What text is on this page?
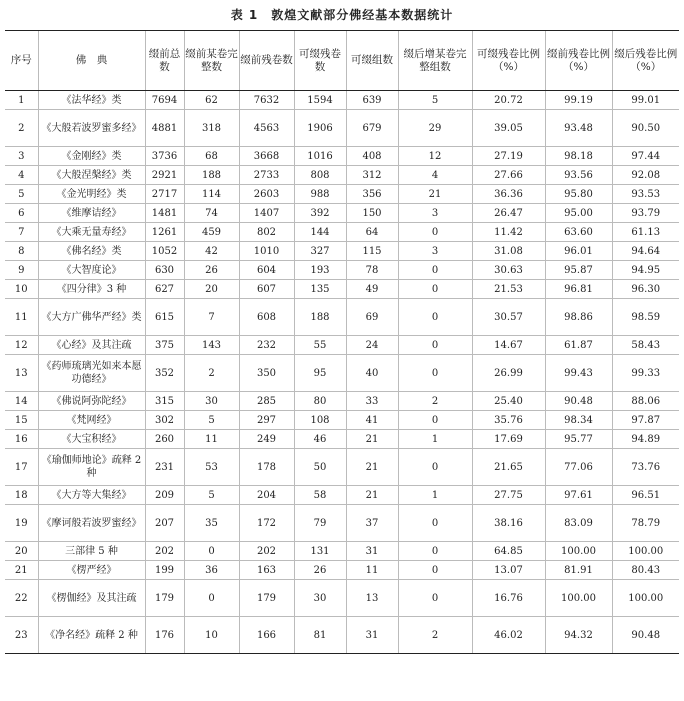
表 1　敦煌文献部分佛经基本数据统计
序号	佛　典	缀前总数	缀前某卷完整数	缀前残卷数	可缀残卷数	可缀组数	缀后增某卷完整组数	可缀残卷比例（%）	缀前残卷比例（%）	缀后残卷比例（%）
1	《法华经》类	7694	62	7632	1594	639	5	20.72	99.19	99.01
2	《大般若波罗蜜多经》	4881	318	4563	1906	679	29	39.05	93.48	90.50
3	《金刚经》类	3736	68	3668	1016	408	12	27.19	98.18	97.44
4	《大般涅槃经》类	2921	188	2733	808	312	4	27.66	93.56	92.08
5	《金光明经》类	2717	114	2603	988	356	21	36.36	95.80	93.53
6	《维摩诘经》	1481	74	1407	392	150	3	26.47	95.00	93.79
7	《大乘无量寿经》	1261	459	802	144	64	0	11.42	63.60	61.13
8	《佛名经》类	1052	42	1010	327	115	3	31.08	96.01	94.64
9	《大智度论》	630	26	604	193	78	0	30.63	95.87	94.95
10	《四分律》3 种	627	20	607	135	49	0	21.53	96.81	96.30
11	《大方广佛华严经》类	615	7	608	188	69	0	30.57	98.86	98.59
12	《心经》及其注疏	375	143	232	55	24	0	14.67	61.87	58.43
13	《药师琉璃光如来本愿功德经》	352	2	350	95	40	0	26.99	99.43	99.33
14	《佛说阿弥陀经》	315	30	285	80	33	2	25.40	90.48	88.06
15	《梵网经》	302	5	297	108	41	0	35.76	98.34	97.87
16	《大宝积经》	260	11	249	46	21	1	17.69	95.77	94.89
17	《瑜伽师地论》疏释 2 种	231	53	178	50	21	0	21.65	77.06	73.76
18	《大方等大集经》	209	5	204	58	21	1	27.75	97.61	96.51
19	《摩诃般若波罗蜜经》	207	35	172	79	37	0	38.16	83.09	78.79
20	三部律 5 种	202	0	202	131	31	0	64.85	100.00	100.00
21	《楞严经》	199	36	163	26	11	0	13.07	81.91	80.43
22	《楞伽经》及其注疏	179	0	179	30	13	0	16.76	100.00	100.00
23	《净名经》疏释 2 种	176	10	166	81	31	2	46.02	94.32	90.48
